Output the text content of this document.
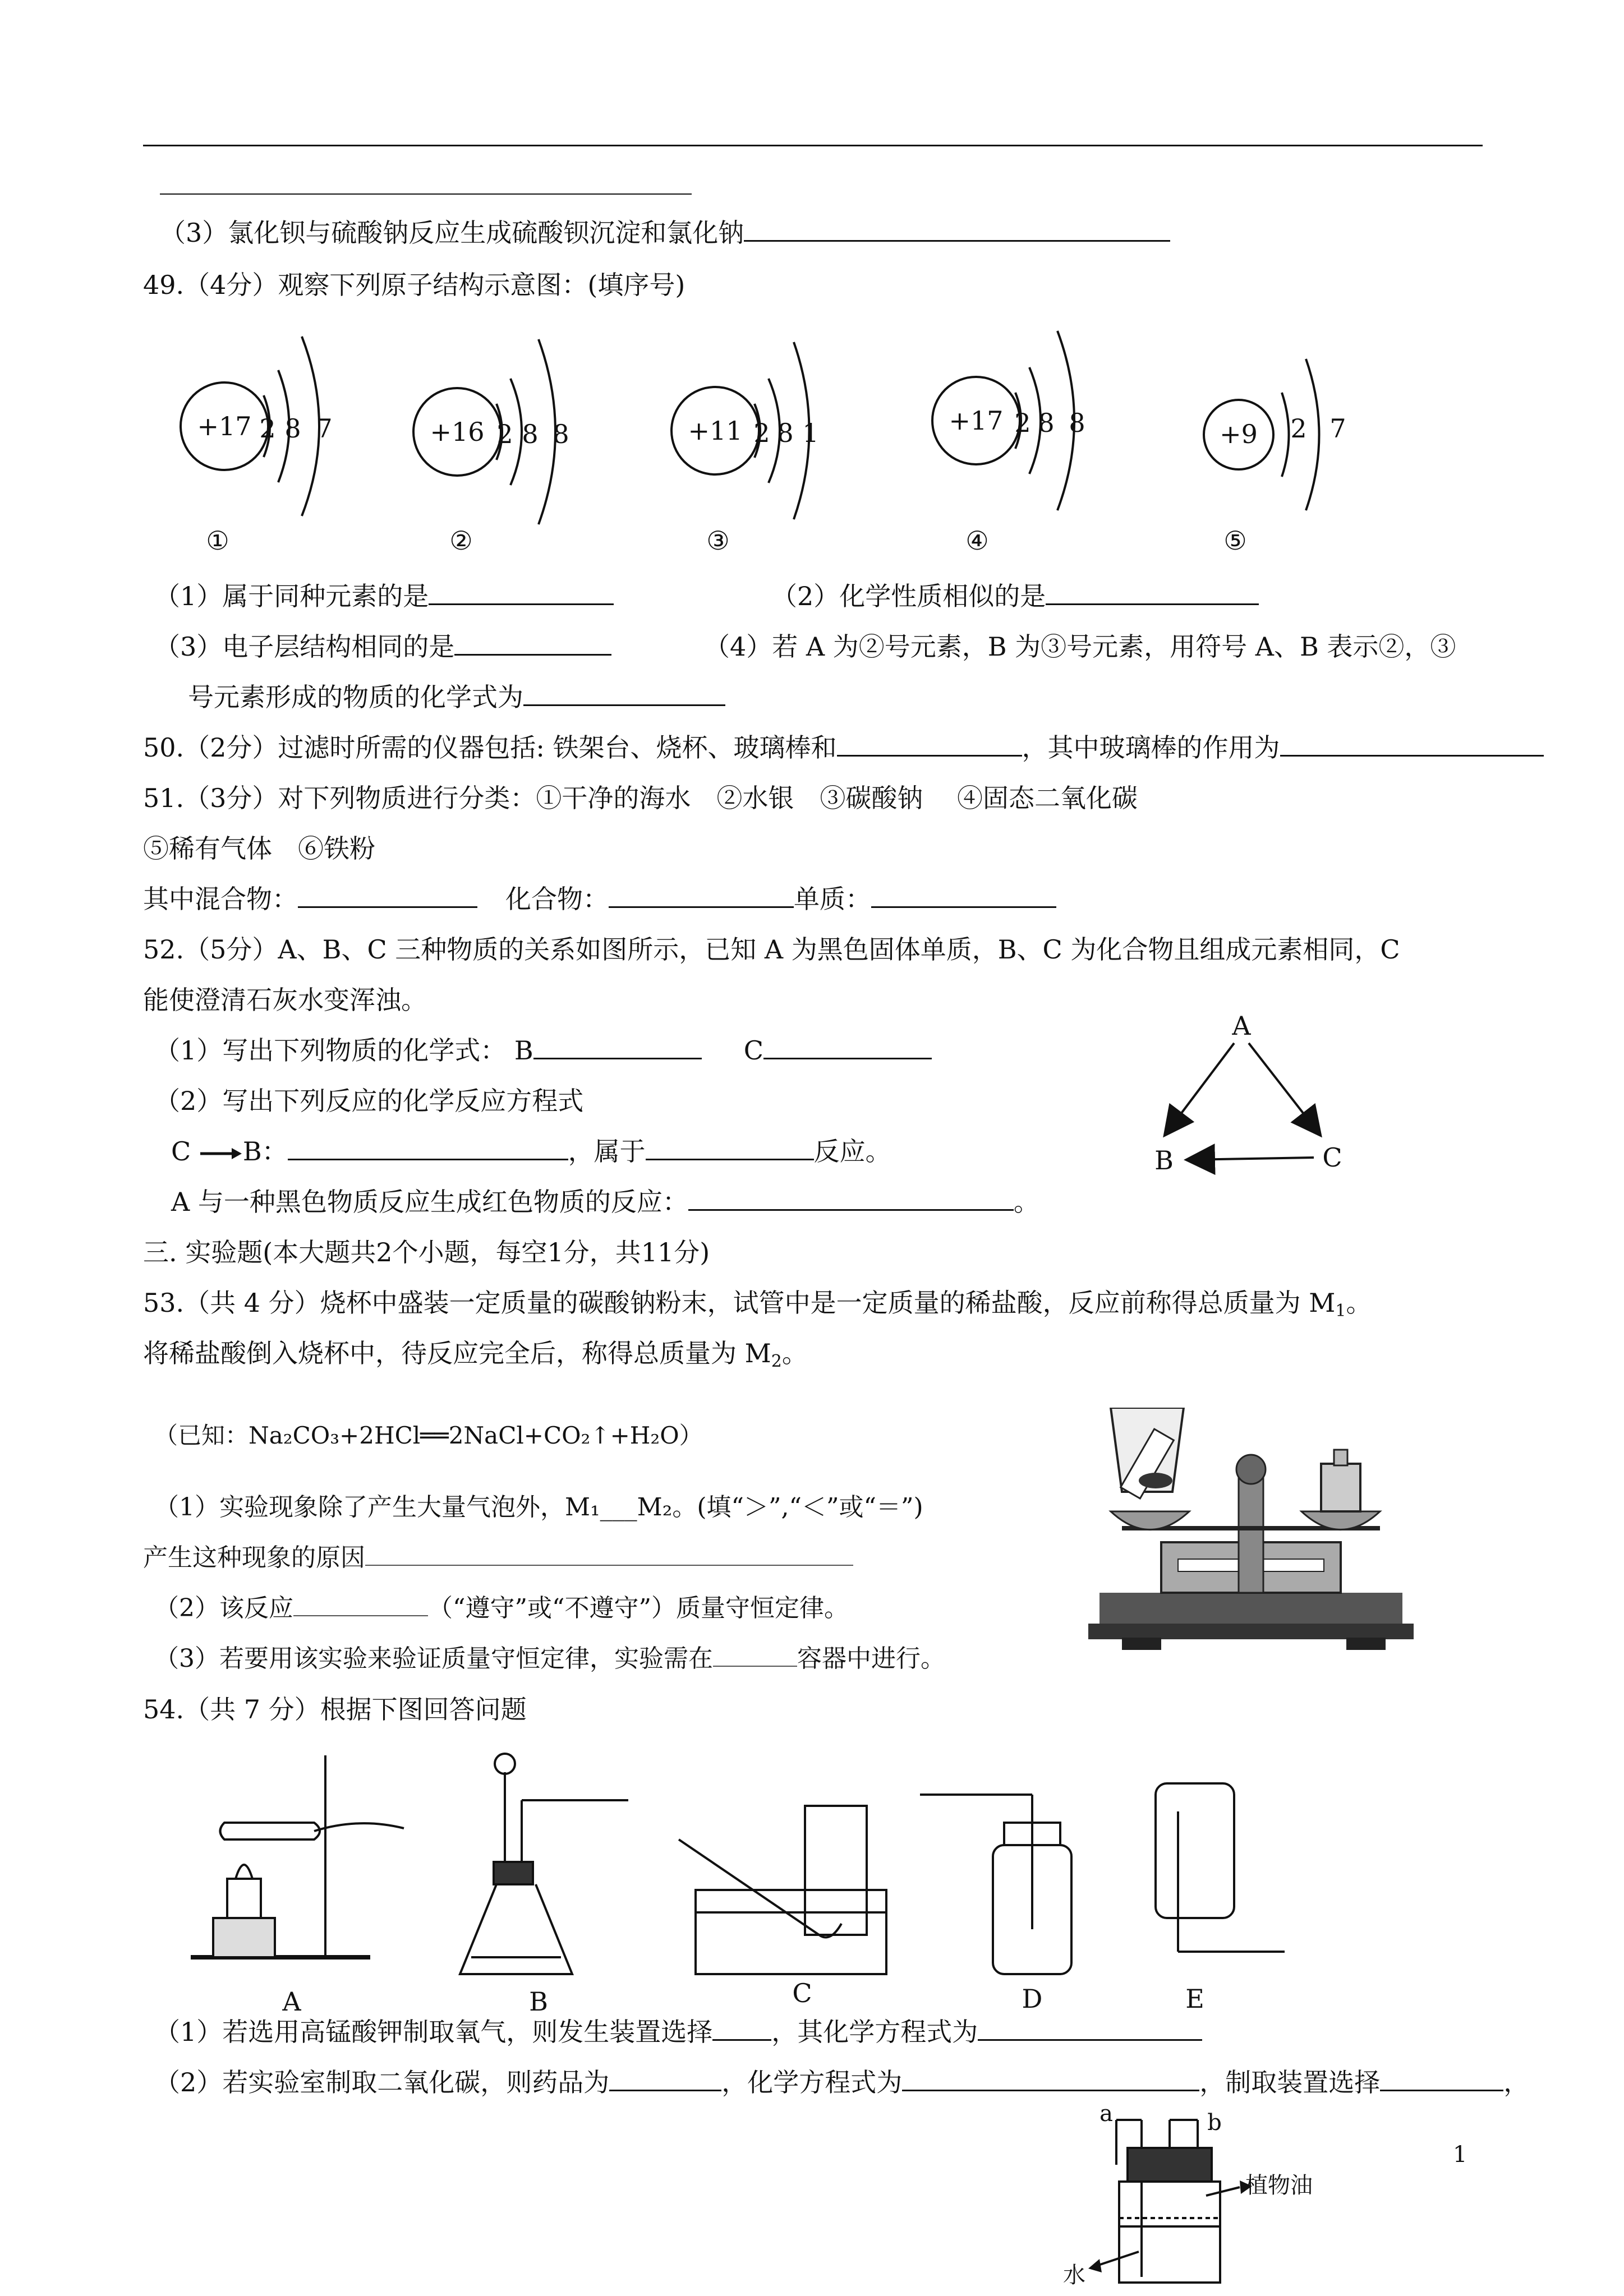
（3）氯化钡与硫酸钠反应生成硫酸钡沉淀和氯化钠
49.（4分）观察下列原子结构示意图：(填序号)
+17 2 8 7
①
+16 2 8 8
②
+11 2 8 1
③
+17 2 8 8
④
+9 2 7
⑤
（1）属于同种元素的是	（2）化学性质相似的是
（3）电子层结构相同的是	（4）若 A 为②号元素，B 为③号元素，用符号 A、B 表示②，③
号元素形成的物质的化学式为
50.（2分）过滤时所需的仪器包括: 铁架台、烧杯、玻璃棒和	，其中玻璃棒的作用为
51.（3分）对下列物质进行分类：①干净的海水　②水银　③碳酸钠　 ④固态二氧化碳
⑤稀有气体　⑥铁粉
其中混合物：	化合物：	单质：
52.（5分）A、B、C 三种物质的关系如图所示，已知 A 为黑色固体单质，B、C 为化合物且组成元素相同，C
能使澄清石灰水变浑浊。
（1）写出下列物质的化学式： B	C
（2）写出下列反应的化学反应方程式
C B：	，属于	反应。
A 与一种黑色物质反应生成红色物质的反应：	。
A
B	C
三. 实验题(本大题共2个小题，每空1分，共11分)
53.（共 4 分）烧杯中盛装一定质量的碳酸钠粉末，试管中是一定质量的稀盐酸，反应前称得总质量为 $M_1$。
将稀盐酸倒入烧杯中，待反应完全后，称得总质量为 $M_2$。
（已知：Na₂CO₃+2HCl══2NaCl+CO₂↑+H₂O）
（1）实验现象除了产生大量气泡外，M₁___M₂。(填“＞”,“＜”或“＝”)
产生这种现象的原因
（2）该反应	（“遵守”或“不遵守”）质量守恒定律。
（3）若要用该实验来验证质量守恒定律，实验需在	容器中进行。
54.（共 7 分）根据下图回答问题
A	B	C	D	E
（1）若选用高锰酸钾制取氧气，则发生装置选择 ，其化学方程式为
（2）若实验室制取二氧化碳，则药品为	，化学方程式为	，制取装置选择	，
a	b
植物油
水
1
